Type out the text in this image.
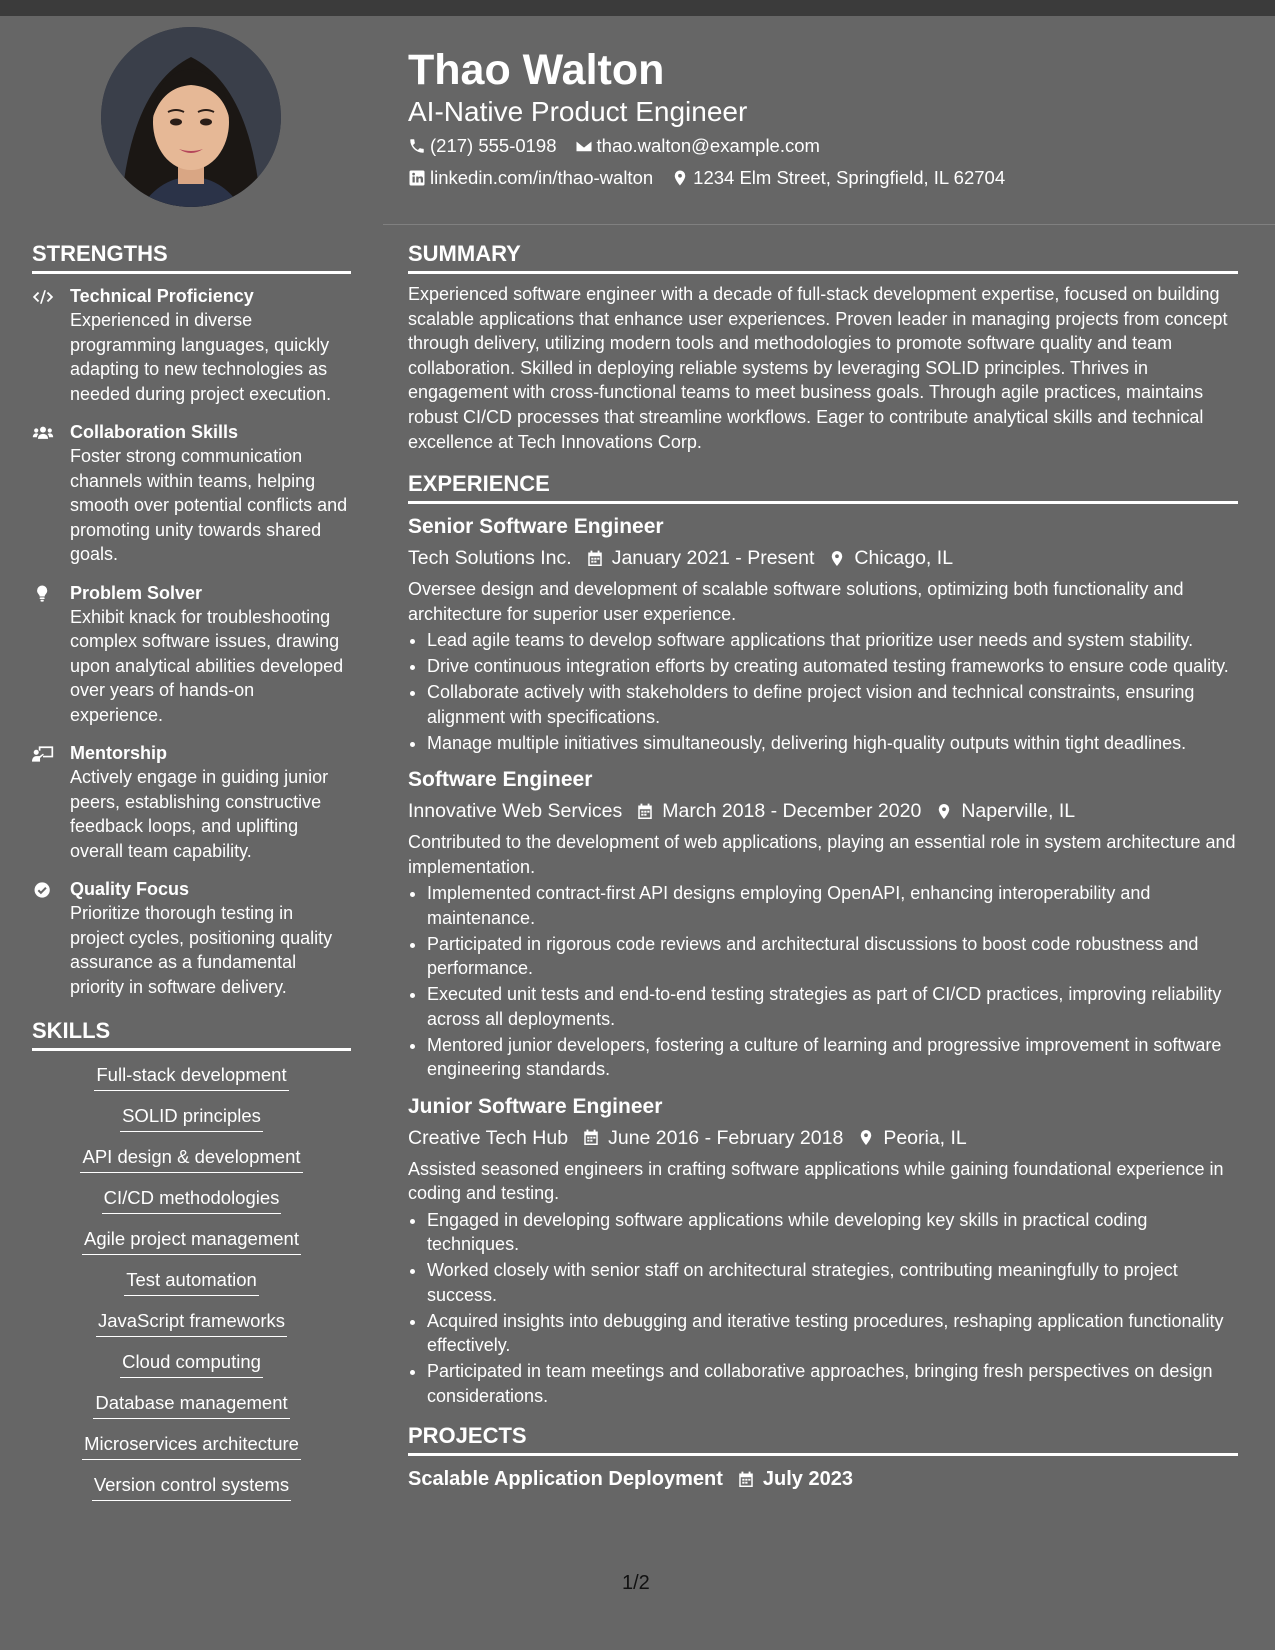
Thao Walton
AI-Native Product Engineer
(217) 555-0198 thao.walton@example.com
linkedin.com/in/thao-walton 1234 Elm Street, Springfield, IL 62704
STRENGTHS
Technical Proficiency
Experienced in diverse programming languages, quickly adapting to new technologies as needed during project execution.
Collaboration Skills
Foster strong communication channels within teams, helping smooth over potential conflicts and promoting unity towards shared goals.
Problem Solver
Exhibit knack for troubleshooting complex software issues, drawing upon analytical abilities developed over years of hands-on experience.
Mentorship
Actively engage in guiding junior peers, establishing constructive feedback loops, and uplifting overall team capability.
Quality Focus
Prioritize thorough testing in project cycles, positioning quality assurance as a fundamental priority in software delivery.
SKILLS
Full-stack development
SOLID principles
API design & development
CI/CD methodologies
Agile project management
Test automation
JavaScript frameworks
Cloud computing
Database management
Microservices architecture
Version control systems
SUMMARY

Experienced software engineer with a decade of full-stack development expertise, focused on building scalable applications that enhance user experiences. Proven leader in managing projects from concept through delivery, utilizing modern tools and methodologies to promote software quality and team collaboration. Skilled in deploying reliable systems by leveraging SOLID principles. Thrives in engagement with cross-functional teams to meet business goals. Through agile practices, maintains robust CI/CD processes that streamline workflows. Eager to contribute analytical skills and technical excellence at Tech Innovations Corp.

EXPERIENCE
Senior Software Engineer
Tech Solutions Inc. January 2021 - Present Chicago, IL
Oversee design and development of scalable software solutions, optimizing both functionality and architecture for superior user experience.
• Lead agile teams to develop software applications that prioritize user needs and system stability.
• Drive continuous integration efforts by creating automated testing frameworks to ensure code quality.
• Collaborate actively with stakeholders to define project vision and technical constraints, ensuring alignment with specifications.
• Manage multiple initiatives simultaneously, delivering high-quality outputs within tight deadlines.
Software Engineer
Innovative Web Services March 2018 - December 2020 Naperville, IL
Contributed to the development of web applications, playing an essential role in system architecture and implementation.
• Implemented contract-first API designs employing OpenAPI, enhancing interoperability and maintenance.
• Participated in rigorous code reviews and architectural discussions to boost code robustness and performance.
• Executed unit tests and end-to-end testing strategies as part of CI/CD practices, improving reliability across all deployments.
• Mentored junior developers, fostering a culture of learning and progressive improvement in software engineering standards.
Junior Software Engineer
Creative Tech Hub June 2016 - February 2018 Peoria, IL
Assisted seasoned engineers in crafting software applications while gaining foundational experience in coding and testing.
• Engaged in developing software applications while developing key skills in practical coding techniques.
• Worked closely with senior staff on architectural strategies, contributing meaningfully to project success.
• Acquired insights into debugging and iterative testing procedures, reshaping application functionality effectively.
• Participated in team meetings and collaborative approaches, bringing fresh perspectives on design considerations.
PROJECTS
Scalable Application Deployment July 2023
1/2
